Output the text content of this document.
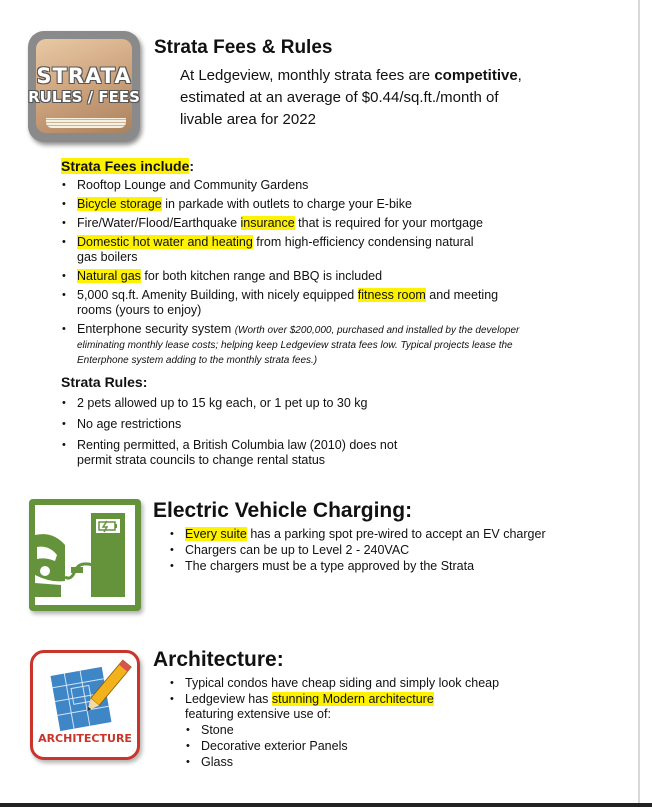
STRATA
RULES / FEES
Strata Fees & Rules
At Ledgeview, monthly strata fees are competitive,
estimated at an average of $0.44/sq.ft./month of
livable area for 2022
Strata Fees include:
• Rooftop Lounge and Community Gardens
• Bicycle storage in parkade with outlets to charge your E-bike
• Fire/Water/Flood/Earthquake insurance that is required for your mortgage
• Domestic hot water and heating from high-efficiency condensing natural
gas boilers
• Natural gas for both kitchen range and BBQ is included
• 5,000 sq.ft. Amenity Building, with nicely equipped fitness room and meeting
rooms (yours to enjoy)
• Enterphone security system (Worth over $200,000, purchased and installed by the developer
eliminating monthly lease costs; helping keep Ledgeview strata fees low. Typical projects lease the
Enterphone system adding to the monthly strata fees.)
Strata Rules:
• 2 pets allowed up to 15 kg each, or 1 pet up to 30 kg
• No age restrictions
• Renting permitted, a British Columbia law (2010) does not
permit strata councils to change rental status
Electric Vehicle Charging:
• Every suite has a parking spot pre-wired to accept an EV charger
• Chargers can be up to Level 2 - 240VAC
• The chargers must be a type approved by the Strata
ARCHITECTURE
Architecture:
• Typical condos have cheap siding and simply look cheap
• Ledgeview has stunning Modern architecture
featuring extensive use of:
• Stone
• Decorative exterior Panels
• Glass
